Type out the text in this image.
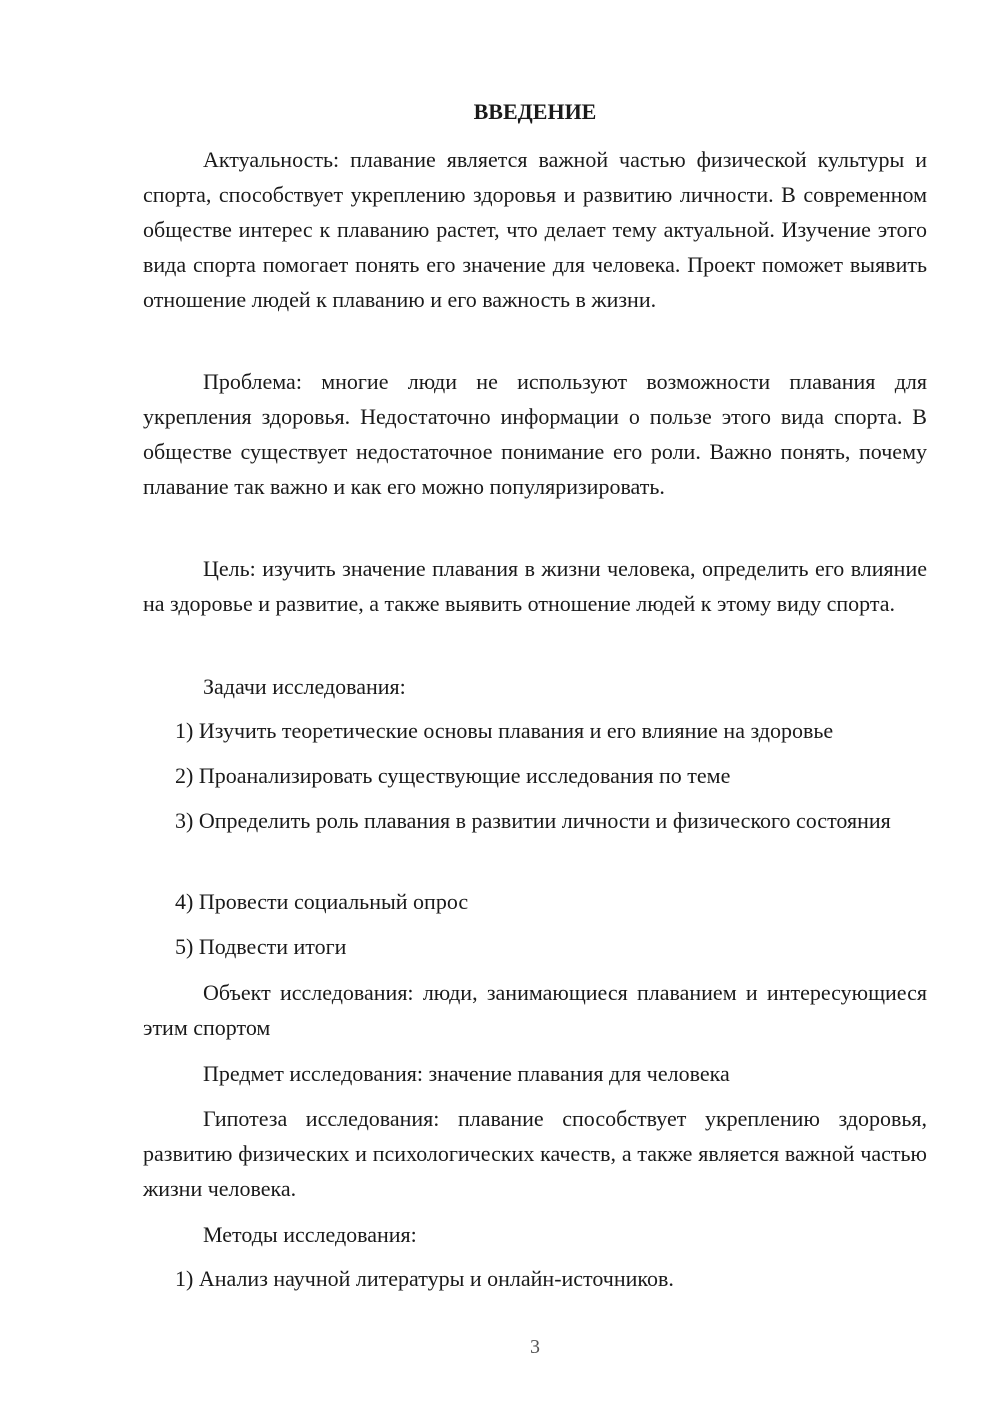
ВВЕДЕНИЕ

Актуальность: плавание является важной частью физической культуры и спорта, способствует укреплению здоровья и развитию личности. В современном обществе интерес к плаванию растет, что делает тему актуальной. Изучение этого вида спорта помогает понять его значение для человека. Проект поможет выявить отношение людей к плаванию и его важность в жизни.

Проблема: многие люди не используют возможности плавания для укрепления здоровья. Недостаточно информации о пользе этого вида спорта. В обществе существует недостаточное понимание его роли. Важно понять, почему плавание так важно и как его можно популяризировать.

Цель: изучить значение плавания в жизни человека, определить его влияние на здоровье и развитие, а также выявить отношение людей к этому виду спорта.

Задачи исследования:

1) Изучить теоретические основы плавания и его влияние на здоровье

2) Проанализировать существующие исследования по теме

3) Определить роль плавания в развитии личности и физического состояния

4) Провести социальный опрос

5) Подвести итоги

Объект исследования: люди, занимающиеся плаванием и интересующиеся этим спортом

Предмет исследования: значение плавания для человека

Гипотеза исследования: плавание способствует укреплению здоровья, развитию физических и психологических качеств, а также является важной частью жизни человека.

Методы исследования:

1) Анализ научной литературы и онлайн-источников.

3
